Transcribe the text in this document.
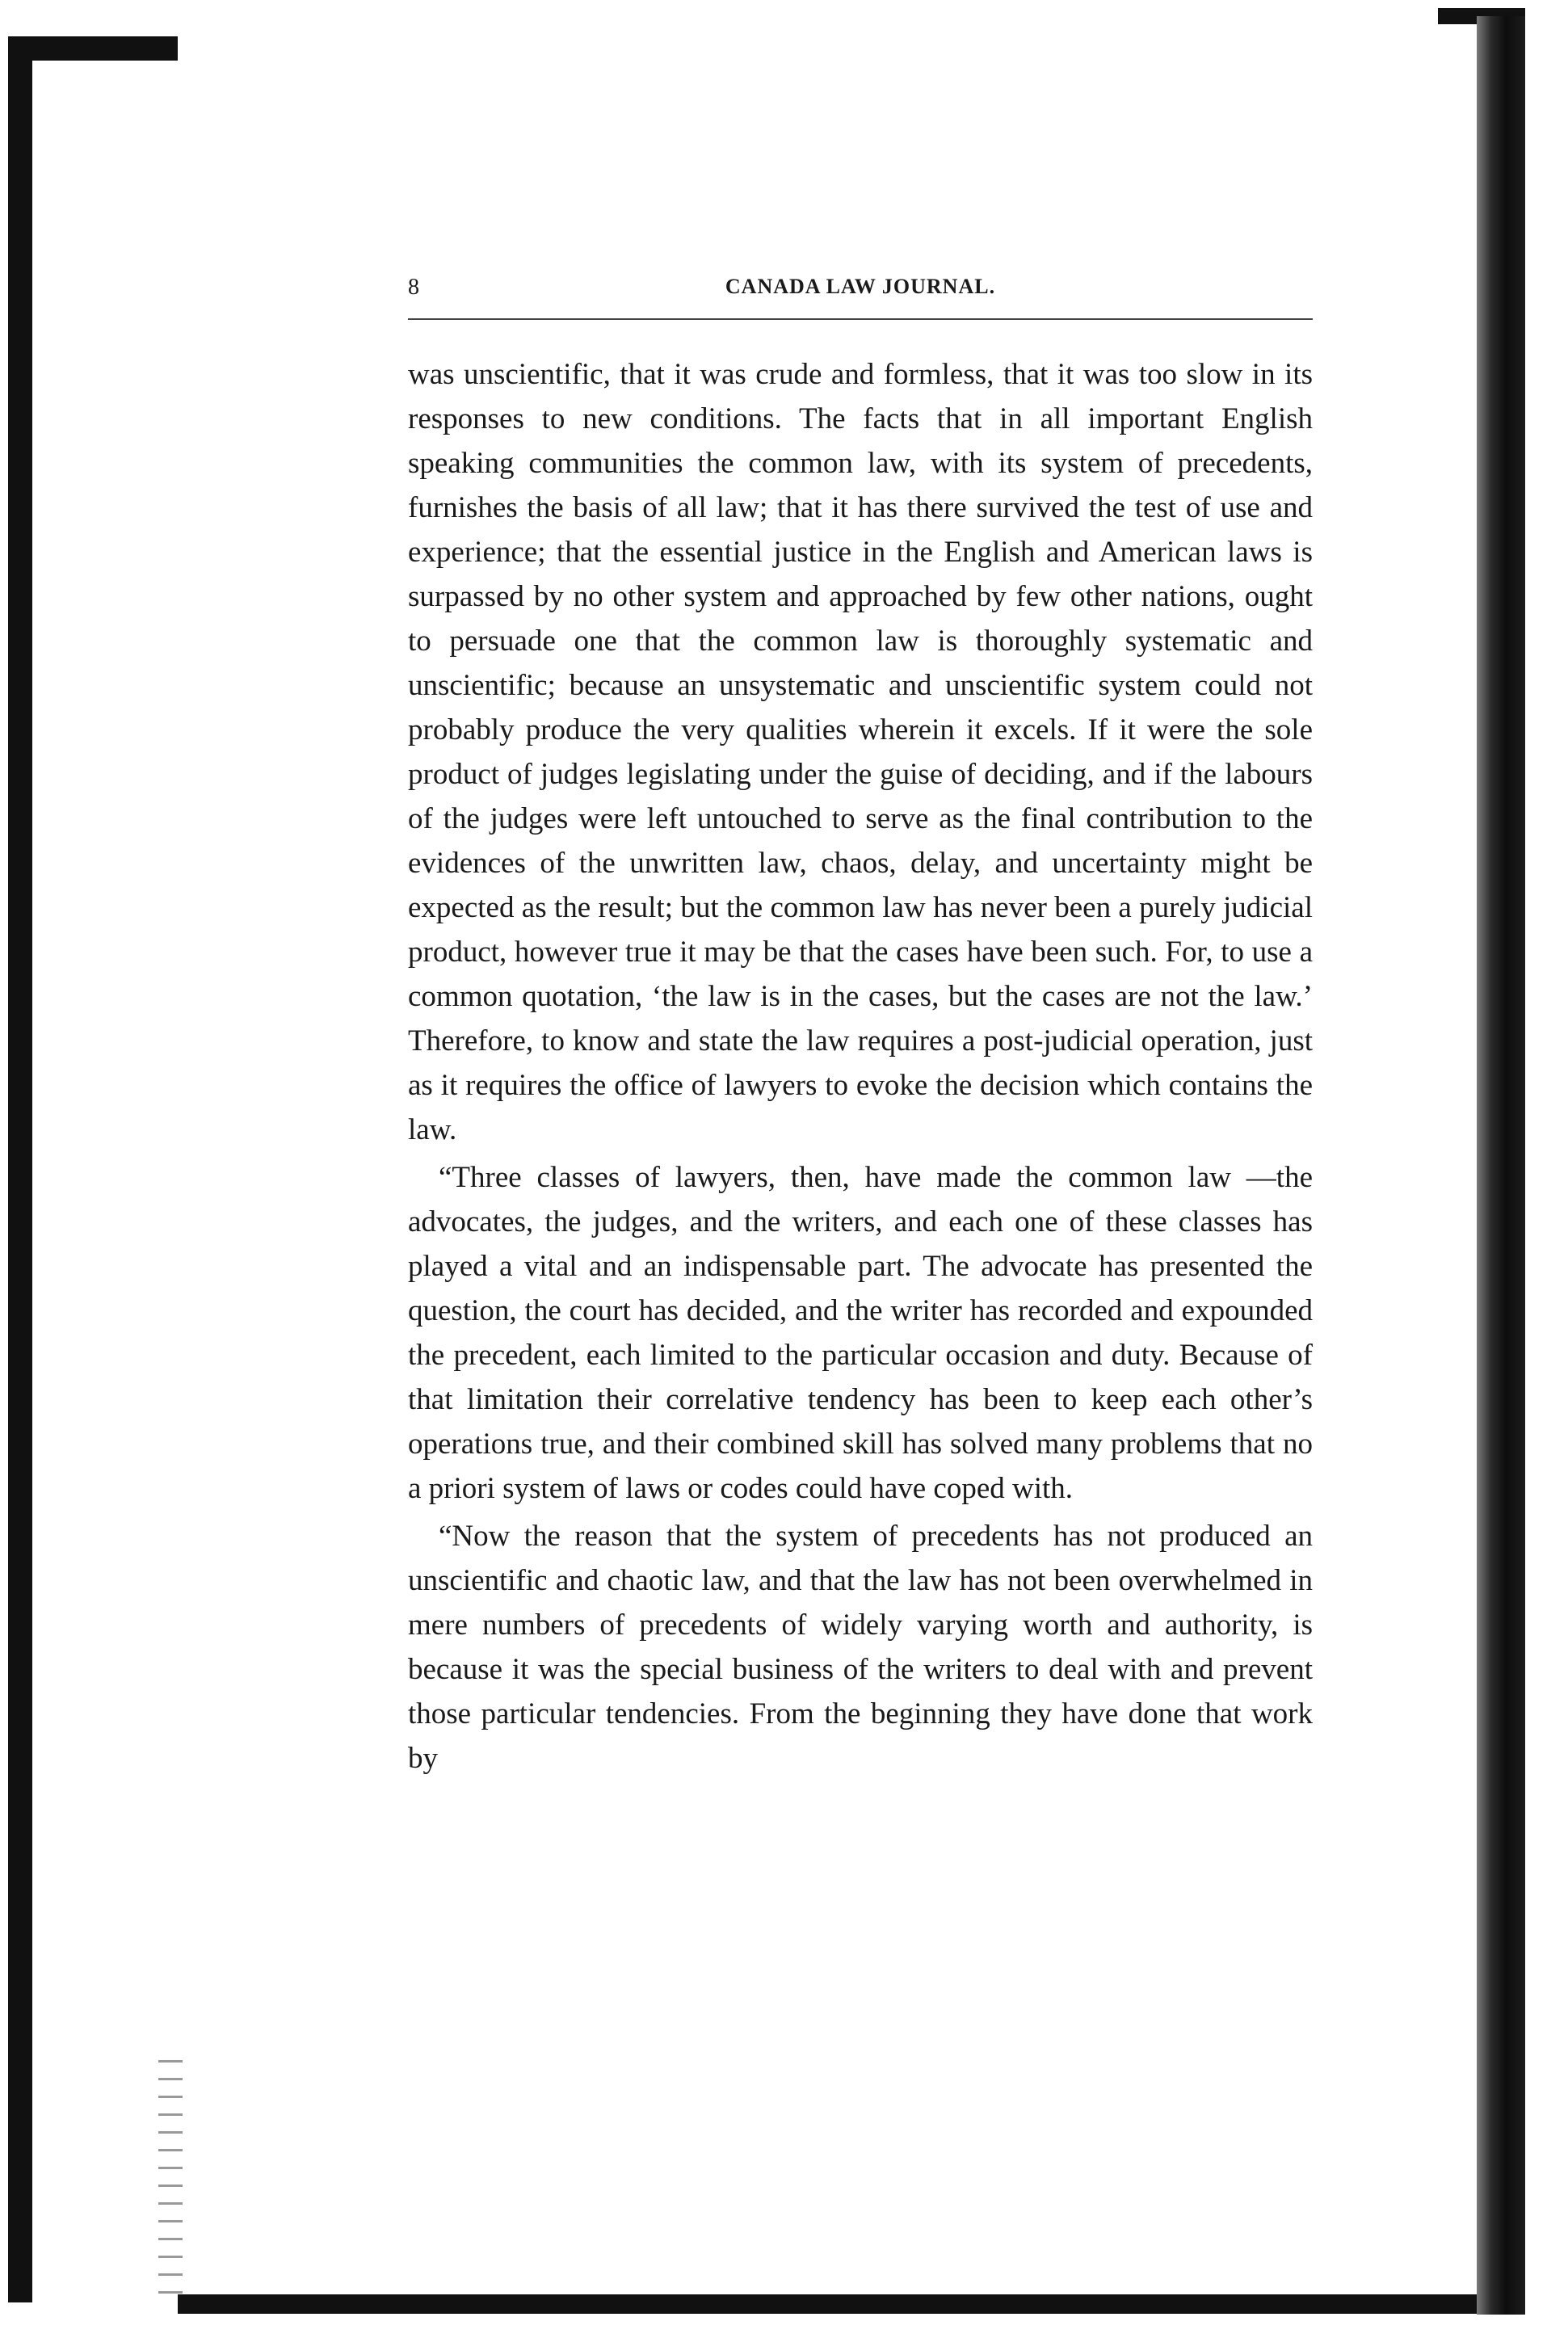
8	CANADA LAW JOURNAL.

was unscientific, that it was crude and formless, that it was too slow in its responses to new conditions. The facts that in all important English speaking communities the common law, with its system of precedents, furnishes the basis of all law; that it has there survived the test of use and experience; that the essential justice in the English and American laws is surpassed by no other system and approached by few other nations, ought to persuade one that the common law is thoroughly systematic and unscientific; because an unsystematic and unscientific system could not probably produce the very qualities wherein it excels. If it were the sole product of judges legislating under the guise of deciding, and if the labours of the judges were left untouched to serve as the final contribution to the evidences of the unwritten law, chaos, delay, and uncertainty might be expected as the result; but the common law has never been a purely judicial product, however true it may be that the cases have been such. For, to use a common quotation, ‘the law is in the cases, but the cases are not the law.’ Therefore, to know and state the law requires a post-judicial operation, just as it requires the office of lawyers to evoke the decision which contains the law.

“Three classes of lawyers, then, have made the common law —the advocates, the judges, and the writers, and each one of these classes has played a vital and an indispensable part. The advocate has presented the question, the court has decided, and the writer has recorded and expounded the precedent, each limited to the particular occasion and duty. Because of that limitation their correlative tendency has been to keep each other’s operations true, and their combined skill has solved many problems that no a priori system of laws or codes could have coped with.

“Now the reason that the system of precedents has not produced an unscientific and chaotic law, and that the law has not been overwhelmed in mere numbers of precedents of widely varying worth and authority, is because it was the special business of the writers to deal with and prevent those particular tendencies. From the beginning they have done that work by
